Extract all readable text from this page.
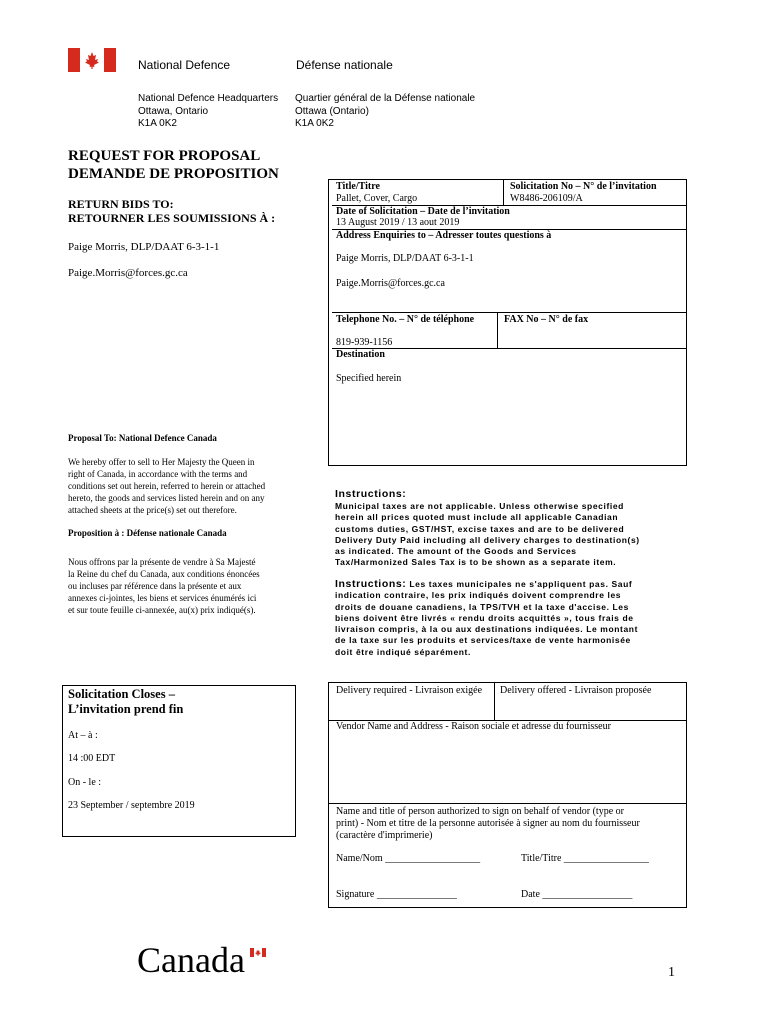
National Defence	Défense nationale
National Defence Headquarters
Ottawa, Ontario
K1A 0K2
Quartier général de la Défense nationale
Ottawa (Ontario)
K1A 0K2
REQUEST FOR PROPOSAL
DEMANDE DE PROPOSITION
RETURN BIDS TO:
RETOURNER LES SOUMISSIONS À :
Paige Morris, DLP/DAAT 6-3-1-1
Paige.Morris@forces.gc.ca
Title/Titre
Pallet, Cover, Cargo
Solicitation No – N° de l’invitation
W8486-206109/A
Date of Solicitation – Date de l’invitation
13 August 2019 / 13 aout 2019
Address Enquiries to – Adresser toutes questions à
Paige Morris, DLP/DAAT 6-3-1-1
Paige.Morris@forces.gc.ca
Telephone No. – N° de téléphone	FAX No – N° de fax
819-939-1156
Destination
Specified herein
Proposal To: National Defence Canada
We hereby offer to sell to Her Majesty the Queen in
right of Canada, in accordance with the terms and
conditions set out herein, referred to herein or attached
hereto, the goods and services listed herein and on any
attached sheets at the price(s) set out therefore.
Proposition à : Défense nationale Canada
Nous offrons par la présente de vendre à Sa Majesté
la Reine du chef du Canada, aux conditions énoncées
ou incluses par référence dans la présente et aux
annexes ci-jointes, les biens et services énumérés ici
et sur toute feuille ci-annexée, au(x) prix indiqué(s).
Instructions:
Municipal taxes are not applicable. Unless otherwise specified
herein all prices quoted must include all applicable Canadian
customs duties, GST/HST, excise taxes and are to be delivered
Delivery Duty Paid including all delivery charges to destination(s)
as indicated. The amount of the Goods and Services
Tax/Harmonized Sales Tax is to be shown as a separate item.
Instructions: Les taxes municipales ne s'appliquent pas. Sauf
indication contraire, les prix indiqués doivent comprendre les
droits de douane canadiens, la TPS/TVH et la taxe d'accise. Les
biens doivent être livrés « rendu droits acquittés », tous frais de
livraison compris, à la ou aux destinations indiquées. Le montant
de la taxe sur les produits et services/taxe de vente harmonisée
doit être indiqué séparément.
Solicitation Closes –
L’invitation prend fin
At – à :
14 :00 EDT
On - le :
23 September / septembre 2019
Delivery required - Livraison exigée Delivery offered - Livraison proposée
Vendor Name and Address - Raison sociale et adresse du fournisseur
Name and title of person authorized to sign on behalf of vendor (type or
print) - Nom et titre de la personne autorisée à signer au nom du fournisseur
(caractère d'imprimerie)
Name/Nom ___________________	Title/Titre _________________
Signature ________________	Date __________________
Canada	1
